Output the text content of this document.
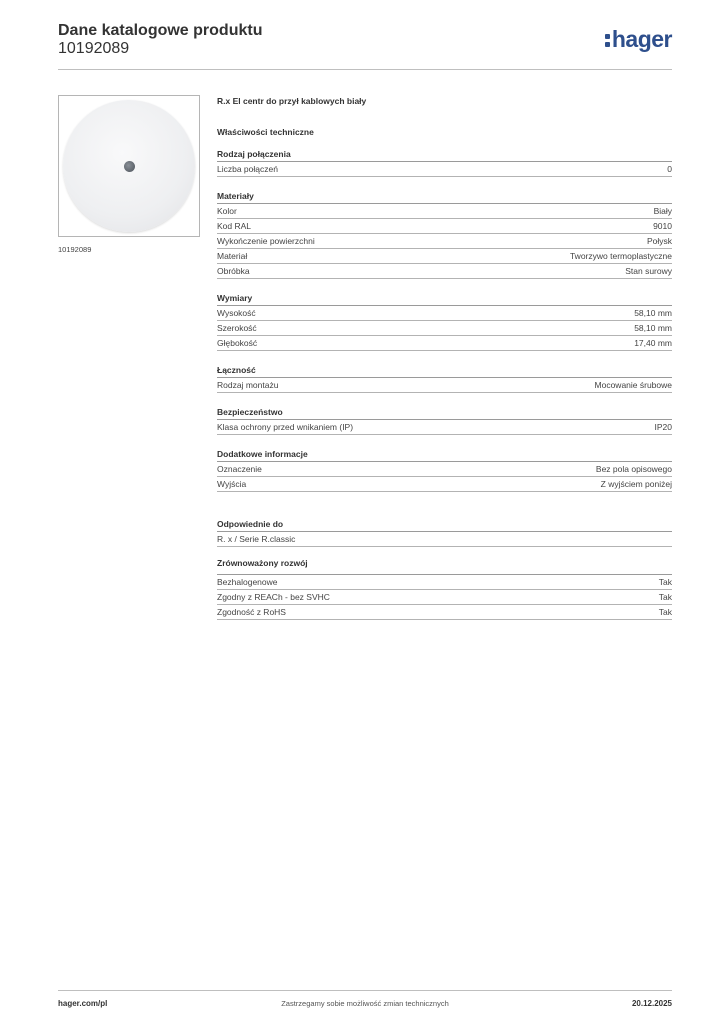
Dane katalogowe produktu
10192089	hager
10192089
R.x El centr do przył kablowych biały
Właściwości techniczne
Rodzaj połączenia
Liczba połączeń	0
Materiały
Kolor	Biały
Kod RAL	9010
Wykończenie powierzchni	Połysk
Materiał	Tworzywo termoplastyczne
Obróbka	Stan surowy
Wymiary
Wysokość	58,10 mm
Szerokość	58,10 mm
Głębokość	17,40 mm
Łączność
Rodzaj montażu	Mocowanie śrubowe
Bezpieczeństwo
Klasa ochrony przed wnikaniem (IP)	IP20
Dodatkowe informacje
Oznaczenie	Bez pola opisowego
Wyjścia	Z wyjściem poniżej
Odpowiednie do
R. x / Serie R.classic
Zrównoważony rozwój
Bezhalogenowe	Tak
Zgodny z REACh - bez SVHC	Tak
Zgodność z RoHS	Tak
hager.com/pl	Zastrzegamy sobie możliwość zmian technicznych	20.12.2025
